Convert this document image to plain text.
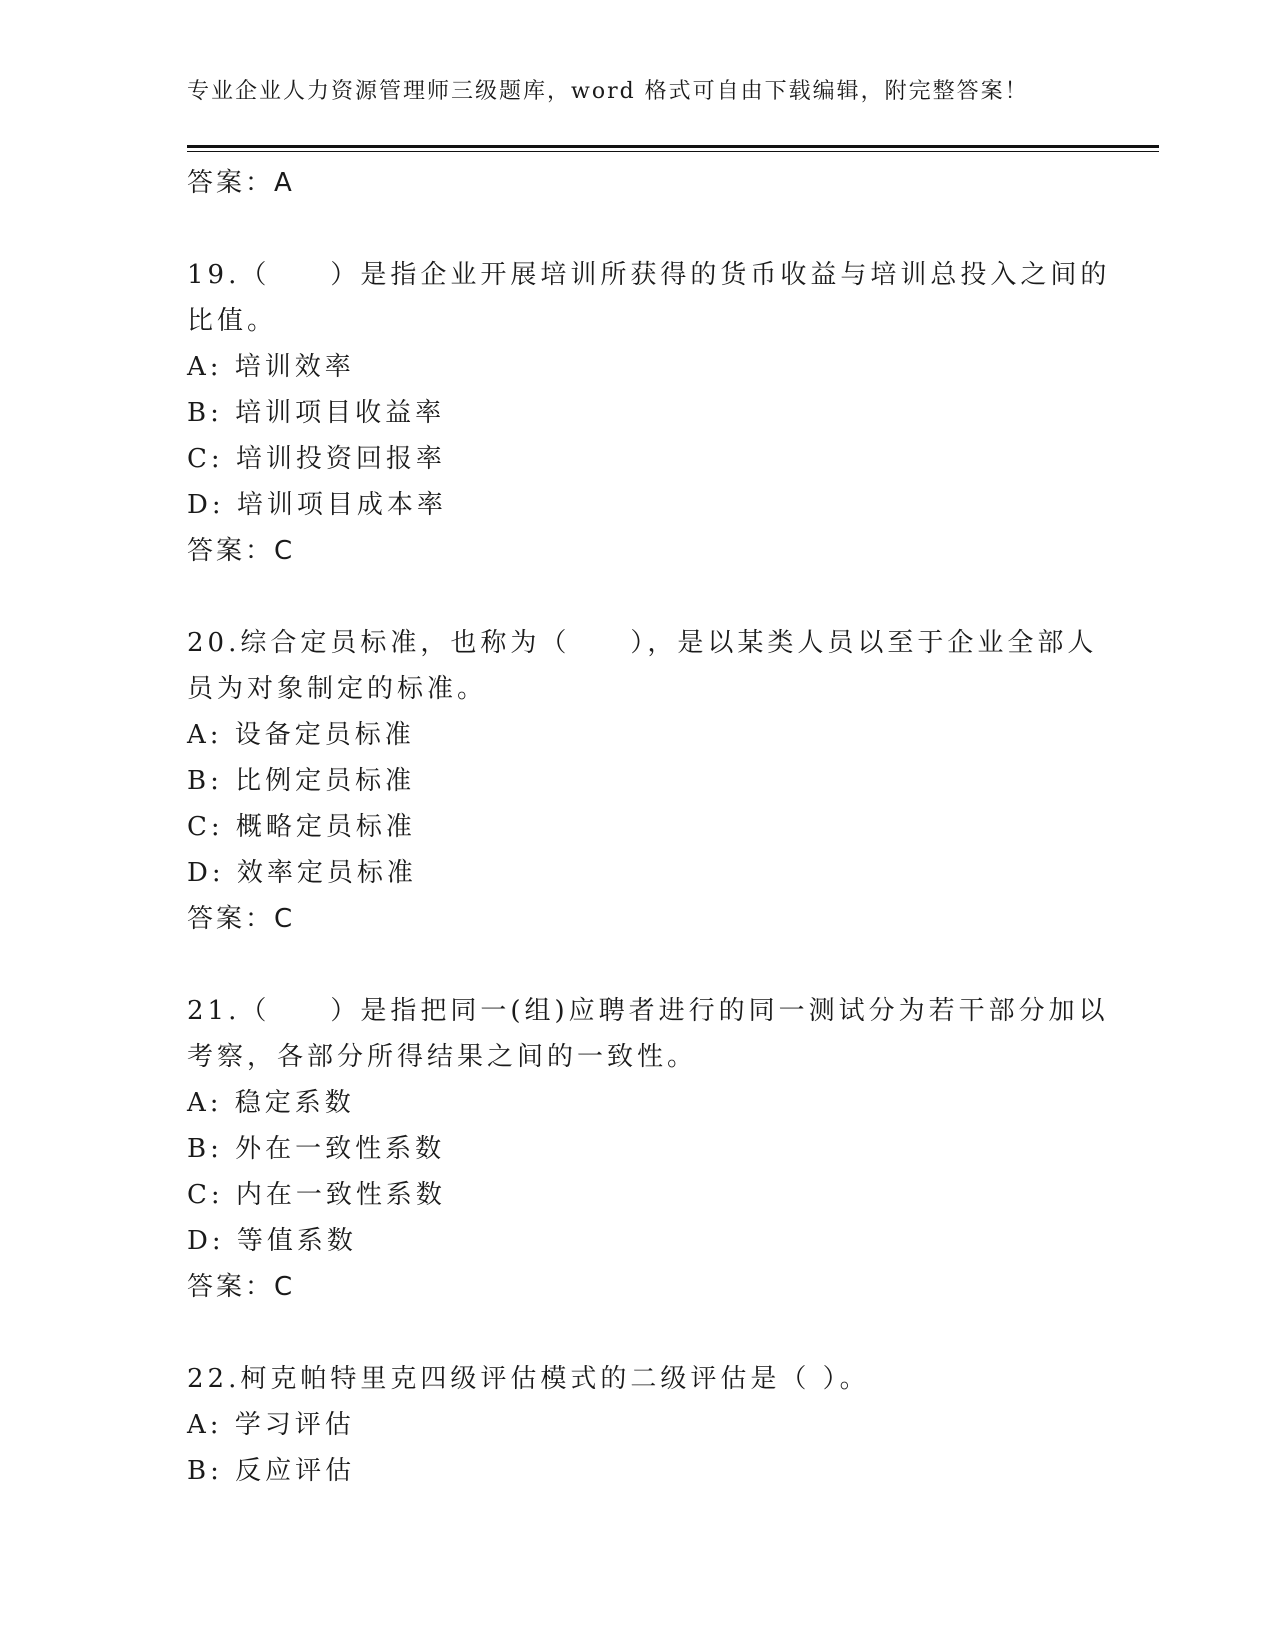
专业企业人力资源管理师三级题库，word 格式可自由下载编辑，附完整答案！
答案：A
19.（　　）是指企业开展培训所获得的货币收益与培训总投入之间的
比值。
A: 培训效率
B: 培训项目收益率
C: 培训投资回报率
D: 培训项目成本率
答案：C
20.综合定员标准，也称为（　　），是以某类人员以至于企业全部人
员为对象制定的标准。
A: 设备定员标准
B: 比例定员标准
C: 概略定员标准
D: 效率定员标准
答案：C
21.（　　）是指把同一(组)应聘者进行的同一测试分为若干部分加以
考察，各部分所得结果之间的一致性。
A: 稳定系数
B: 外在一致性系数
C: 内在一致性系数
D: 等值系数
答案：C
22.柯克帕特里克四级评估模式的二级评估是（ ）。
A: 学习评估
B: 反应评估
